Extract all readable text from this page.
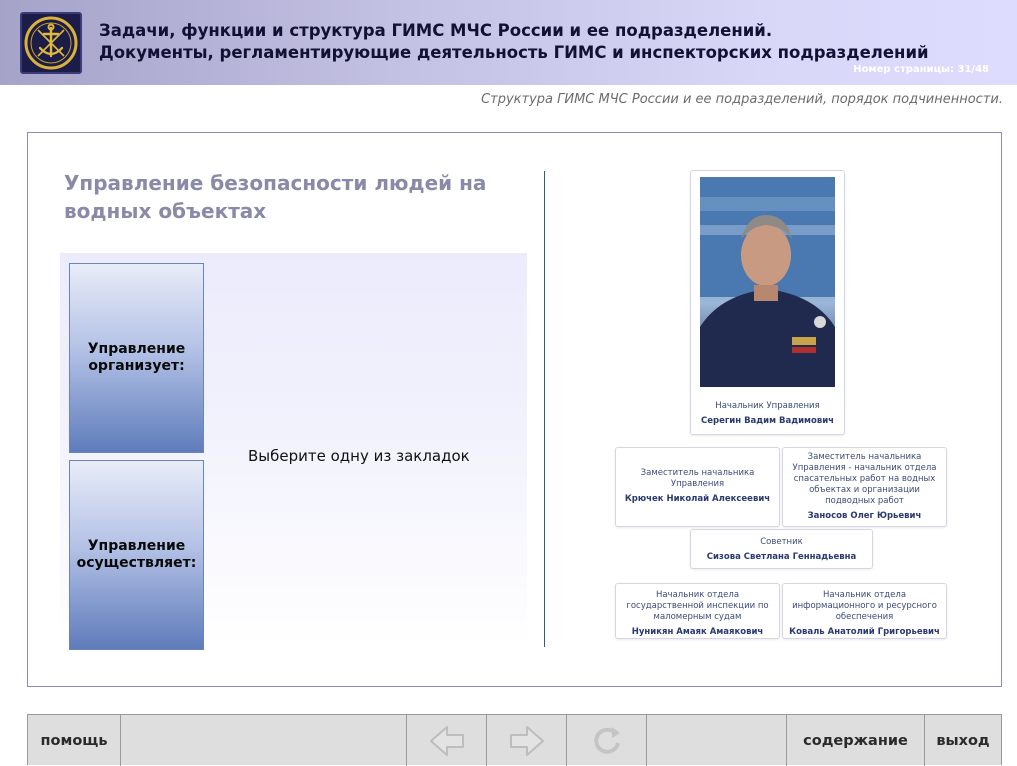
Задачи, функции и структура ГИМС МЧС России и ее подразделений.
Документы, регламентирующие деятельность ГИМС и инспекторских подразделений
Номер страницы: 31/48
Структура ГИМС МЧС России и ее подразделений, порядок подчиненности.
Управление безопасности людей на водных объектах
Управление организует:
Управление осуществляет:
Выберите одну из закладок
Начальник Управления
Серегин Вадим Вадимович
Заместитель начальника Управления
Крючек Николай Алексеевич
Заместитель начальника Управления - начальник отдела спасательных работ на водных объектах и организации подводных работ
Заносов Олег Юрьевич
Советник
Сизова Светлана Геннадьевна
Начальник отдела государственной инспекции по маломерным судам
Нуникян Амаяк Амаякович
Начальник отдела информационного и ресурсного обеспечения
Коваль Анатолий Григорьевич
помощь	содержание	выход
